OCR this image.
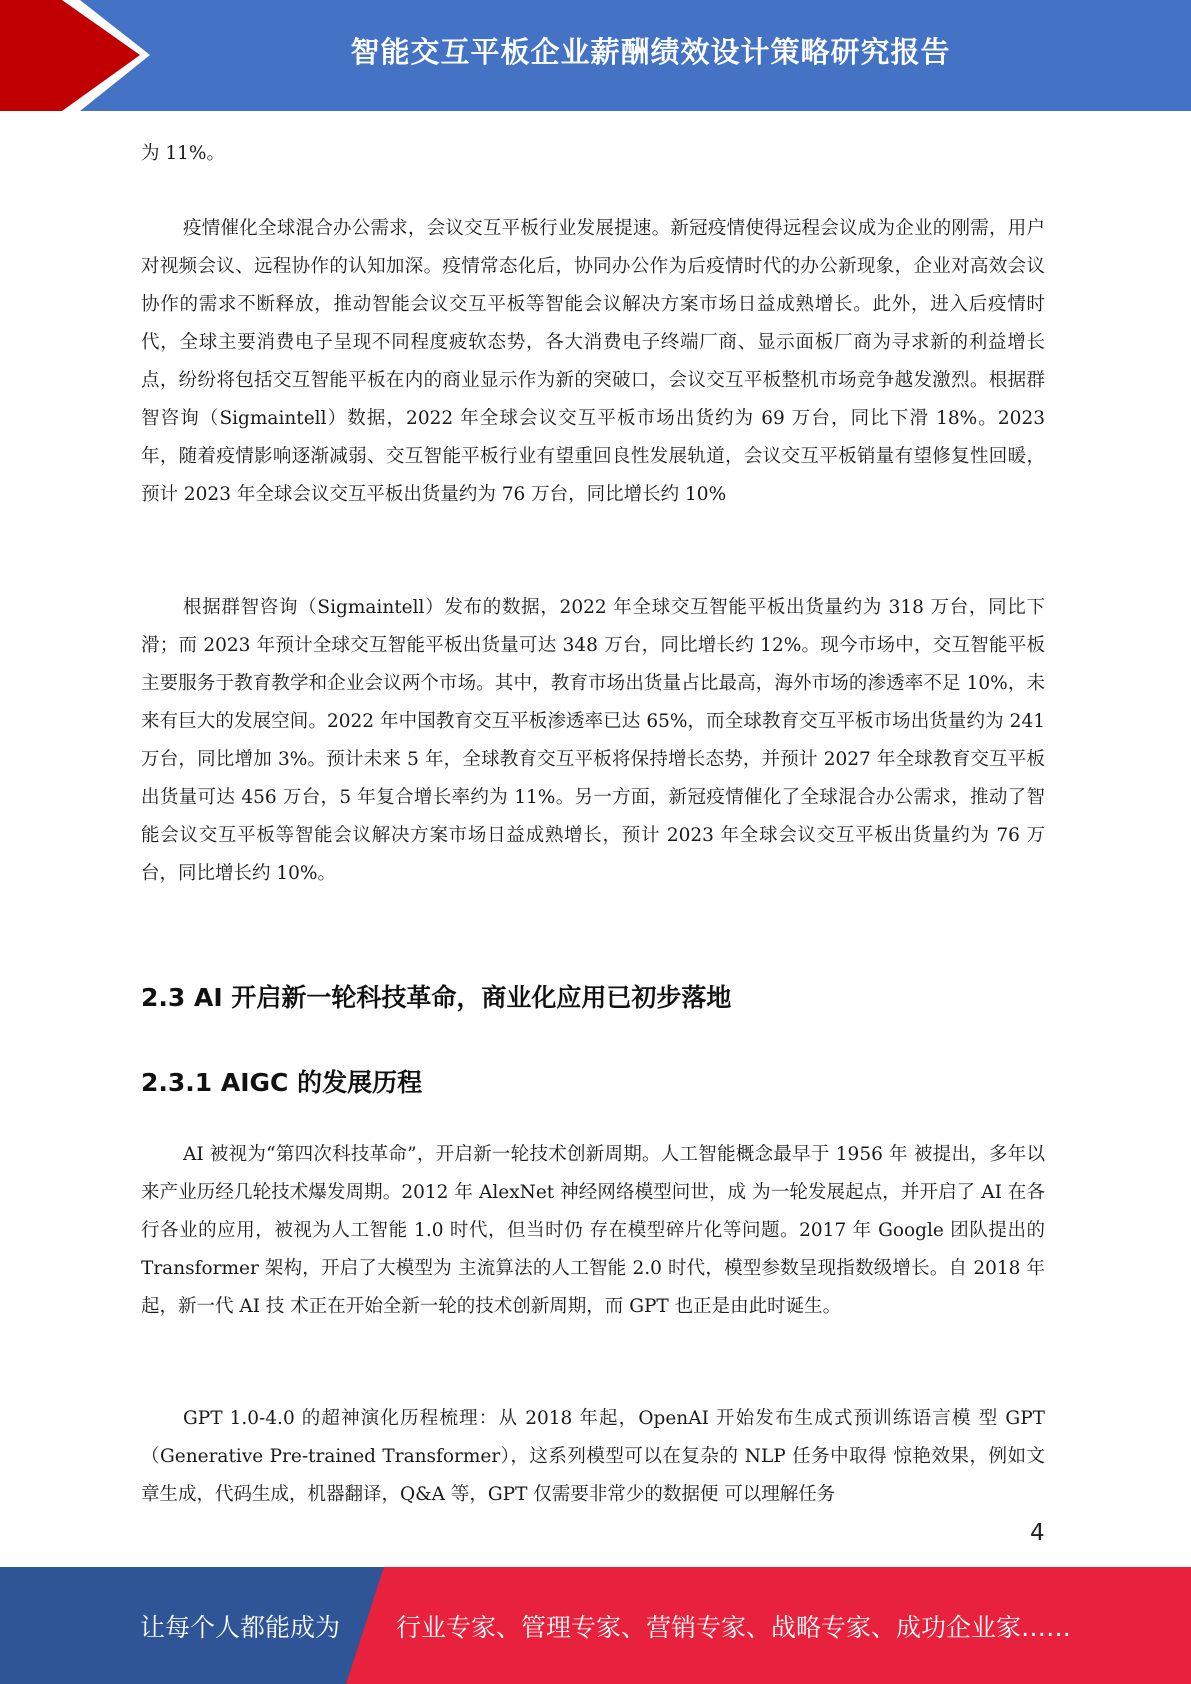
智能交互平板企业薪酬绩效设计策略研究报告

为 11%。

疫情催化全球混合办公需求，会议交互平板行业发展提速。新冠疫情使得远程会议成为企业的刚需，用户对视频会议、远程协作的认知加深。疫情常态化后，协同办公作为后疫情时代的办公新现象，企业对高效会议协作的需求不断释放，推动智能会议交互平板等智能会议解决方案市场日益成熟增长。此外，进入后疫情时代，全球主要消费电子呈现不同程度疲软态势，各大消费电子终端厂商、显示面板厂商为寻求新的利益增长点，纷纷将包括交互智能平板在内的商业显示作为新的突破口，会议交互平板整机市场竞争越发激烈。根据群智咨询（Sigmaintell）数据，2022 年全球会议交互平板市场出货约为 69 万台，同比下滑 18%。2023 年，随着疫情影响逐渐减弱、交互智能平板行业有望重回良性发展轨道，会议交互平板销量有望修复性回暖，预计 2023 年全球会议交互平板出货量约为 76 万台，同比增长约 10%

根据群智咨询（Sigmaintell）发布的数据，2022 年全球交互智能平板出货量约为 318 万台，同比下滑；而 2023 年预计全球交互智能平板出货量可达 348 万台，同比增长约 12%。现今市场中，交互智能平板主要服务于教育教学和企业会议两个市场。其中，教育市场出货量占比最高，海外市场的渗透率不足 10%，未来有巨大的发展空间。2022 年中国教育交互平板渗透率已达 65%，而全球教育交互平板市场出货量约为 241 万台，同比增加 3%。预计未来 5 年，全球教育交互平板将保持增长态势，并预计 2027 年全球教育交互平板出货量可达 456 万台，5 年复合增长率约为 11%。另一方面，新冠疫情催化了全球混合办公需求，推动了智能会议交互平板等智能会议解决方案市场日益成熟增长，预计 2023 年全球会议交互平板出货量约为 76 万台，同比增长约 10%。

2.3 AI 开启新一轮科技革命，商业化应用已初步落地
2.3.1 AIGC 的发展历程

AI 被视为“第四次科技革命”，开启新一轮技术创新周期。人工智能概念最早于 1956 年 被提出，多年以来产业历经几轮技术爆发周期。2012 年 AlexNet 神经网络模型问世，成 为一轮发展起点，并开启了 AI 在各行各业的应用，被视为人工智能 1.0 时代，但当时仍 存在模型碎片化等问题。2017 年 Google 团队提出的 Transformer 架构，开启了大模型为 主流算法的人工智能 2.0 时代，模型参数呈现指数级增长。自 2018 年起，新一代 AI 技 术正在开始全新一轮的技术创新周期，而 GPT 也正是由此时诞生。

GPT 1.0-4.0 的超神演化历程梳理：从 2018 年起，OpenAI 开始发布生成式预训练语言模 型 GPT（Generative Pre-trained Transformer），这系列模型可以在复杂的 NLP 任务中取得 惊艳效果，例如文章生成，代码生成，机器翻译，Q&A 等，GPT 仅需要非常少的数据便 可以理解任务

4
让每个人都能成为 行业专家、管理专家、营销专家、战略专家、成功企业家……
